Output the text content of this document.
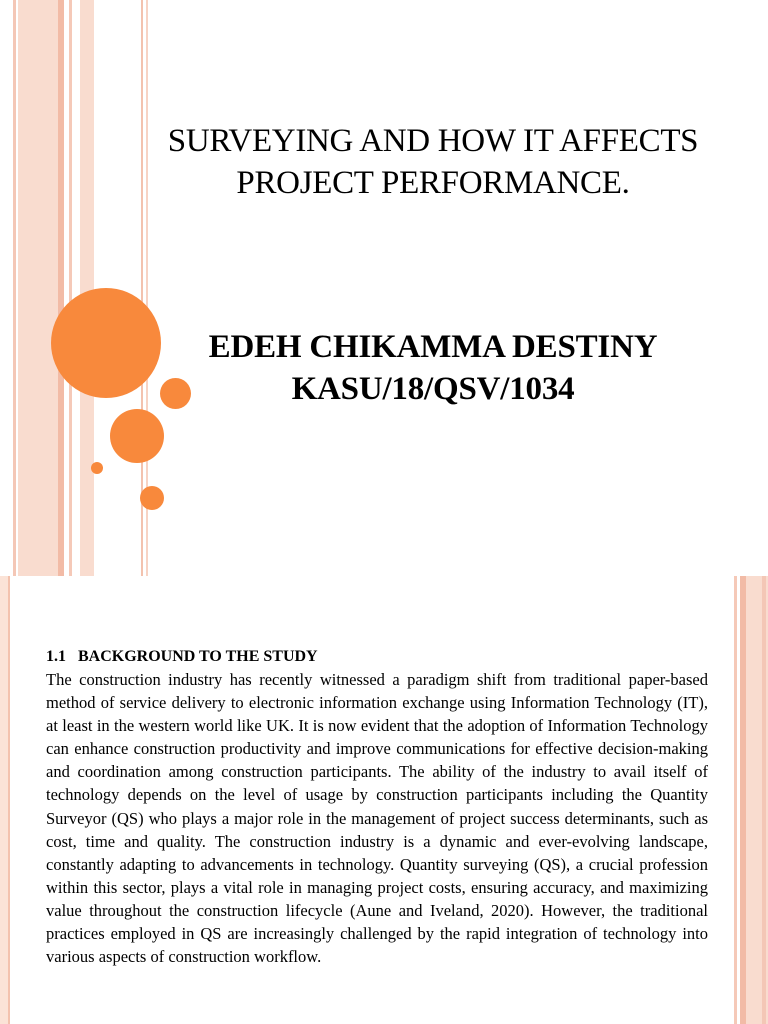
SURVEYING AND HOW IT AFFECTS
PROJECT PERFORMANCE.
EDEH CHIKAMMA DESTINY
KASU/18/QSV/1034
1.1 BACKGROUND TO THE STUDY

The construction industry has recently witnessed a paradigm shift from traditional paper-based method of service delivery to electronic information exchange using Information Technology (IT), at least in the western world like UK. It is now evident that the adoption of Information Technology can enhance construction productivity and improve communications for effective decision-making and coordination among construction participants. The ability of the industry to avail itself of technology depends on the level of usage by construction participants including the Quantity Surveyor (QS) who plays a major role in the management of project success determinants, such as cost, time and quality. The construction industry is a dynamic and ever-evolving landscape, constantly adapting to advancements in technology. Quantity surveying (QS), a crucial profession within this sector, plays a vital role in managing project costs, ensuring accuracy, and maximizing value throughout the construction lifecycle (Aune and Iveland, 2020). However, the traditional practices employed in QS are increasingly challenged by the rapid integration of technology into various aspects of construction workflow.
